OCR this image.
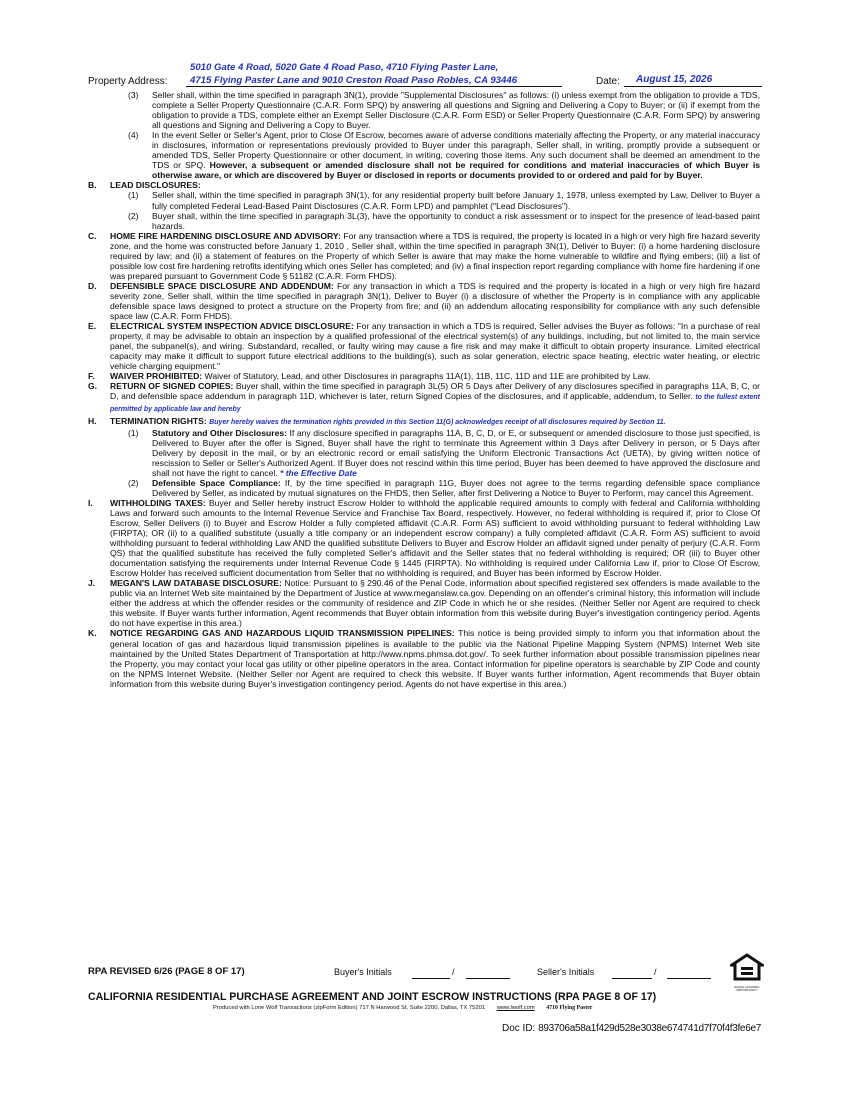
Property Address:
5010 Gate 4 Road, 5020 Gate 4 Road Paso, 4710 Flying Paster Lane,
4715 Flying Paster Lane and 9010 Creston Road Paso Robles, CA 93446	Date: August 15, 2026
(3)	Seller shall, within the time specified in paragraph 3N(1), provide "Supplemental Disclosures" as follows: (i) unless exempt from the obligation to provide a TDS, complete a Seller Property Questionnaire (C.A.R. Form SPQ) by answering all questions and Signing and Delivering a Copy to Buyer; or (ii) if exempt from the obligation to provide a TDS, complete either an Exempt Seller Disclosure (C.A.R. Form ESD) or Seller Property Questionnaire (C.A.R. Form SPQ) by answering all questions and Signing and Delivering a Copy to Buyer.
(4)	In the event Seller or Seller's Agent, prior to Close Of Escrow, becomes aware of adverse conditions materially affecting the Property, or any material inaccuracy in disclosures, information or representations previously provided to Buyer under this paragraph, Seller shall, in writing, promptly provide a subsequent or amended TDS, Seller Property Questionnaire or other document, in writing, covering those items. Any such document shall be deemed an amendment to the TDS or SPQ. However, a subsequent or amended disclosure shall not be required for conditions and material inaccuracies of which Buyer is otherwise aware, or which are discovered by Buyer or disclosed in reports or documents provided to or ordered and paid for by Buyer.
B.	LEAD DISCLOSURES:
(1)	Seller shall, within the time specified in paragraph 3N(1), for any residential property built before January 1, 1978, unless exempted by Law, Deliver to Buyer a fully completed Federal Lead-Based Paint Disclosures (C.A.R. Form LPD) and pamphlet ("Lead Disclosures").
(2)	Buyer shall, within the time specified in paragraph 3L(3), have the opportunity to conduct a risk assessment or to inspect for the presence of lead-based paint hazards.
C.	HOME FIRE HARDENING DISCLOSURE AND ADVISORY: For any transaction where a TDS is required, the property is located in a high or very high fire hazard severity zone, and the home was constructed before January 1, 2010 , Seller shall, within the time specified in paragraph 3N(1), Deliver to Buyer: (i) a home hardening disclosure required by law; and (ii) a statement of features on the Property of which Seller is aware that may make the home vulnerable to wildfire and flying embers; (iii) a list of possible low cost fire hardening retrofits identifying which ones Seller has completed; and (iv) a final inspection report regarding compliance with home fire hardening if one was prepared pursuant to Government Code § 51182 (C.A.R. Form FHDS).
D.	DEFENSIBLE SPACE DISCLOSURE AND ADDENDUM: For any transaction in which a TDS is required and the property is located in a high or very high fire hazard severity zone, Seller shall, within the time specified in paragraph 3N(1), Deliver to Buyer (i) a disclosure of whether the Property is in compliance with any applicable defensible space laws designed to protect a structure on the Property from fire; and (ii) an addendum allocating responsibility for compliance with any such defensible space law (C.A.R. Form FHDS).
E.	ELECTRICAL SYSTEM INSPECTION ADVICE DISCLOSURE: For any transaction in which a TDS is required, Seller advises the Buyer as follows: "In a purchase of real property, it may be advisable to obtain an inspection by a qualified professional of the electrical system(s) of any buildings, including, but not limited to, the main service panel, the subpanel(s), and wiring. Substandard, recalled, or faulty wiring may cause a fire risk and may make it difficult to obtain property insurance. Limited electrical capacity may make it difficult to support future electrical additions to the building(s), such as solar generation, electric space heating, electric water heating, or electric vehicle charging equipment."
F.	WAIVER PROHIBITED: Waiver of Statutory, Lead, and other Disclosures in paragraphs 11A(1), 11B, 11C, 11D and 11E are prohibited by Law.
G.	RETURN OF SIGNED COPIES: Buyer shall, within the time specified in paragraph 3L(5) OR 5 Days after Delivery of any disclosures specified in paragraphs 11A, B, C, or D, and defensible space addendum in paragraph 11D, whichever is later, return Signed Copies of the disclosures, and if applicable, addendum, to Seller. to the fullest extent permitted by applicable law and hereby
H.	TERMINATION RIGHTS: Buyer hereby waives the termination rights provided in this Section 11(G) acknowledges receipt of all disclosures required by Section 11.
(1)	Statutory and Other Disclosures: If any disclosure specified in paragraphs 11A, B, C, D, or E, or subsequent or amended disclosure to those just specified, is Delivered to Buyer after the offer is Signed, Buyer shall have the right to terminate this Agreement within 3 Days after Delivery in person, or 5 Days after Delivery by deposit in the mail, or by an electronic record or email satisfying the Uniform Electronic Transactions Act (UETA), by giving written notice of rescission to Seller or Seller's Authorized Agent. If Buyer does not rescind within this time period, Buyer has been deemed to have approved the disclosure and shall not have the right to cancel. * the Effective Date
(2)	Defensible Space Compliance: If, by the time specified in paragraph 11G, Buyer does not agree to the terms regarding defensible space compliance Delivered by Seller, as indicated by mutual signatures on the FHDS, then Seller, after first Delivering a Notice to Buyer to Perform, may cancel this Agreement.
I.	WITHHOLDING TAXES: Buyer and Seller hereby instruct Escrow Holder to withhold the applicable required amounts to comply with federal and California withholding Laws and forward such amounts to the Internal Revenue Service and Franchise Tax Board, respectively. However, no federal withholding is required if, prior to Close Of Escrow, Seller Delivers (i) to Buyer and Escrow Holder a fully completed affidavit (C.A.R. Form AS) sufficient to avoid withholding pursuant to federal withholding Law (FIRPTA); OR (ii) to a qualified substitute (usually a title company or an independent escrow company) a fully completed affidavit (C.A.R. Form AS) sufficient to avoid withholding pursuant to federal withholding Law AND the qualified substitute Delivers to Buyer and Escrow Holder an affidavit signed under penalty of perjury (C.A.R. Form QS) that the qualified substitute has received the fully completed Seller's affidavit and the Seller states that no federal withholding is required; OR (iii) to Buyer other documentation satisfying the requirements under Internal Revenue Code § 1445 (FIRPTA). No withholding is required under California Law if, prior to Close Of Escrow, Escrow Holder has received sufficient documentation from Seller that no withholding is required, and Buyer has been informed by Escrow Holder.
J.	MEGAN'S LAW DATABASE DISCLOSURE: Notice: Pursuant to § 290.46 of the Penal Code, information about specified registered sex offenders is made available to the public via an Internet Web site maintained by the Department of Justice at www.meganslaw.ca.gov. Depending on an offender's criminal history, this information will include either the address at which the offender resides or the community of residence and ZIP Code in which he or she resides. (Neither Seller nor Agent are required to check this website. If Buyer wants further information, Agent recommends that Buyer obtain information from this website during Buyer's investigation contingency period. Agents do not have expertise in this area.)
K.	NOTICE REGARDING GAS AND HAZARDOUS LIQUID TRANSMISSION PIPELINES: This notice is being provided simply to inform you that information about the general location of gas and hazardous liquid transmission pipelines is available to the public via the National Pipeline Mapping System (NPMS) Internet Web site maintained by the United States Department of Transportation at http://www.npms.phmsa.dot.gov/. To seek further information about possible transmission pipelines near the Property, you may contact your local gas utility or other pipeline operators in the area. Contact information for pipeline operators is searchable by ZIP Code and county on the NPMS Internet Website. (Neither Seller nor Agent are required to check this website. If Buyer wants further information, Agent recommends that Buyer obtain information from this website during Buyer's investigation contingency period. Agents do not have expertise in this area.)
RPA REVISED 6/26 (PAGE 8 OF 17)	Buyer's Initials	/	Seller's Initials	/
EQUAL HOUSING OPPORTUNITY
CALIFORNIA RESIDENTIAL PURCHASE AGREEMENT AND JOINT ESCROW INSTRUCTIONS (RPA PAGE 8 OF 17)
Produced with Lone Wolf Transactions (zipForm Edition) 717 N Harwood St, Suite 2200, Dallas, TX 75201 www.lwolf.com 4710 Flying Paster
Doc ID: 893706a58a1f429d528e3038e674741d7f70f4f3fe6e7
